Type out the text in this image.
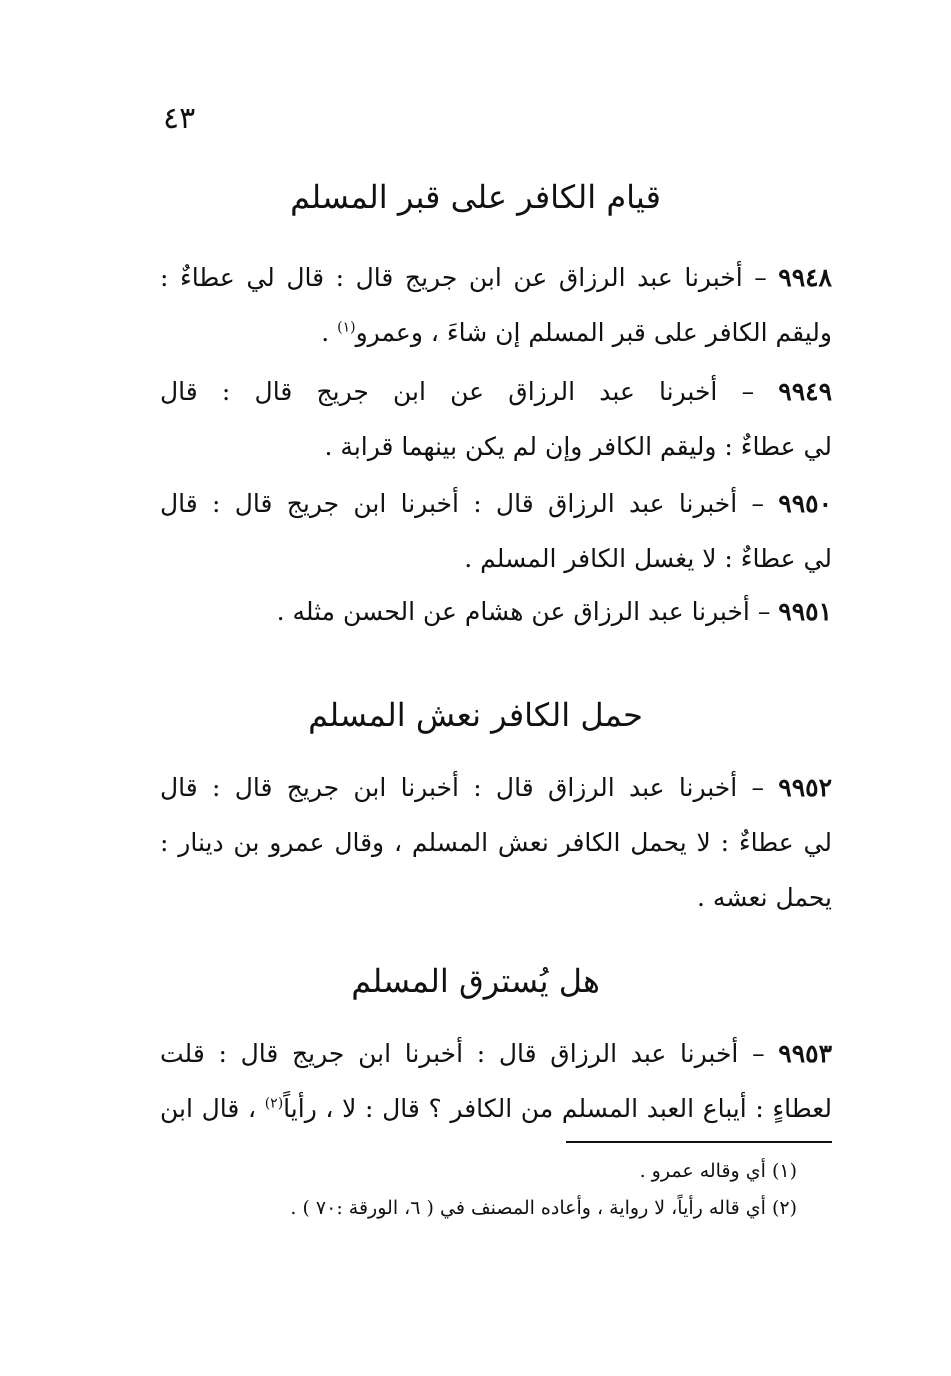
٤٣
قيام الكافر على قبر المسلم
٩٩٤٨ – أخبرنا عبد الرزاق عن ابن جريج قال : قال لي عطاءٌ :
وليقم الكافر على قبر المسلم إن شاءَ ، وعمرو$^{(١)}$ .
٩٩٤٩ – أخبرنا عبد الرزاق عن ابن جريج قال : قال
لي عطاءٌ : وليقم الكافر وإن لم يكن بينهما قرابة .
٩٩٥٠ – أخبرنا عبد الرزاق قال : أخبرنا ابن جريج قال : قال
لي عطاءٌ : لا يغسل الكافر المسلم .
٩٩٥١ – أخبرنا عبد الرزاق عن هشام عن الحسن مثله .
حمل الكافر نعش المسلم
٩٩٥٢ – أخبرنا عبد الرزاق قال : أخبرنا ابن جريج قال : قال
لي عطاءٌ : لا يحمل الكافر نعش المسلم ، وقال عمرو بن دينار :
يحمل نعشه .
هل يُسترق المسلم
٩٩٥٣ – أخبرنا عبد الرزاق قال : أخبرنا ابن جريج قال : قلت
لعطاءٍ : أيباع العبد المسلم من الكافر ؟ قال : لا ، رأياً$^{(٢)}$ ، قال ابن
(١) أي وقاله عمرو .
(٢) أي قاله رأياً، لا رواية ، وأعاده المصنف في ( ٦، الورقة :٧٠ ) .
